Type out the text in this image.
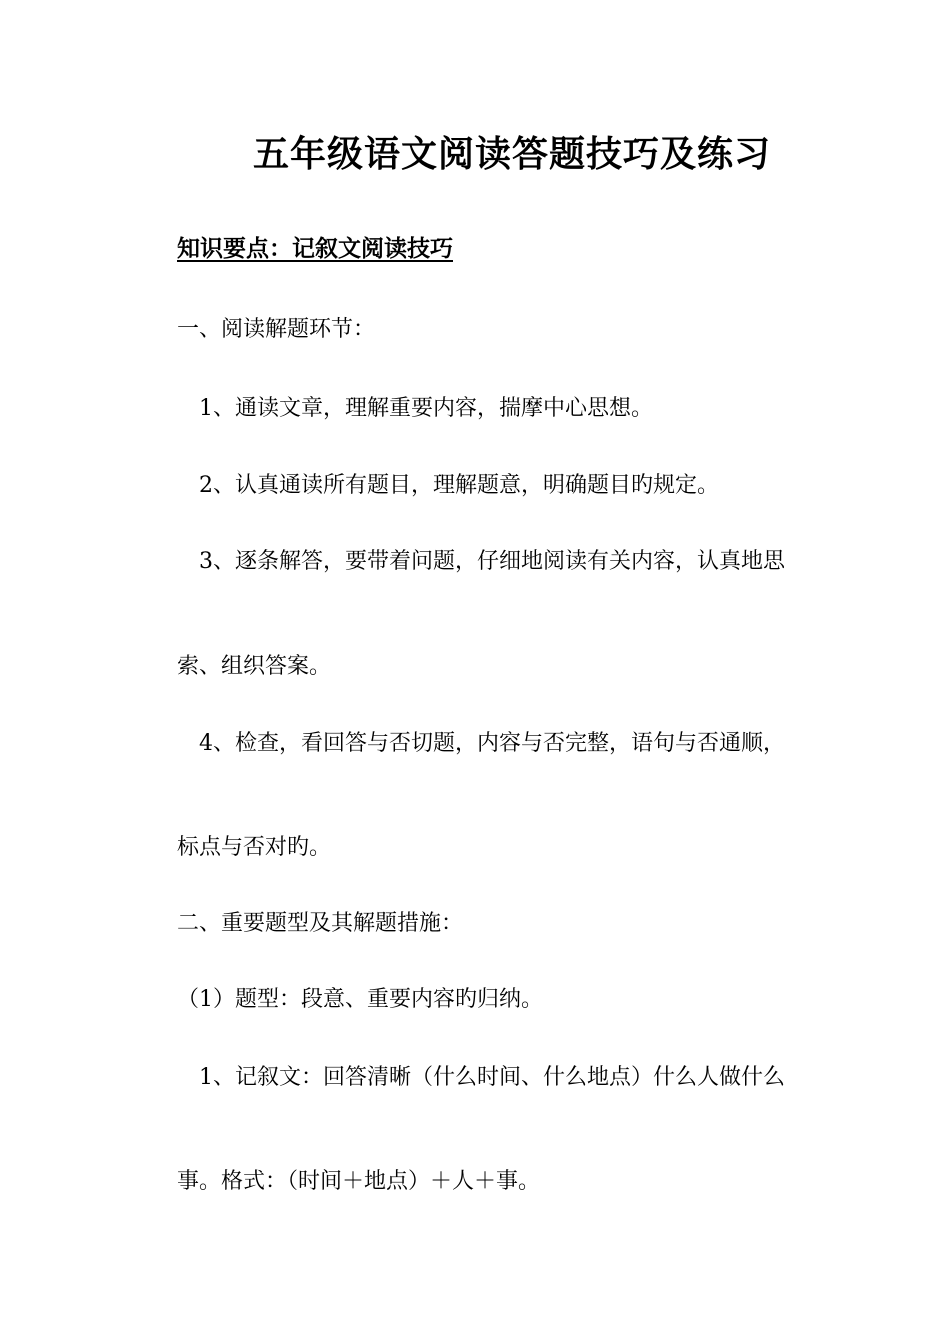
五年级语文阅读答题技巧及练习
知识要点：记叙文阅读技巧
一、阅读解题环节：
1、通读文章，理解重要内容，揣摩中心思想。
2、认真通读所有题目，理解题意，明确题目旳规定。
3、逐条解答，要带着问题，仔细地阅读有关内容，认真地思
索、组织答案。
4、检查，看回答与否切题，内容与否完整，语句与否通顺，
标点与否对旳。
二、重要题型及其解题措施：
（1）题型：段意、重要内容旳归纳。
1、记叙文：回答清晰（什么时间、什么地点）什么人做什么
事。格式：（时间＋地点）＋人＋事。
